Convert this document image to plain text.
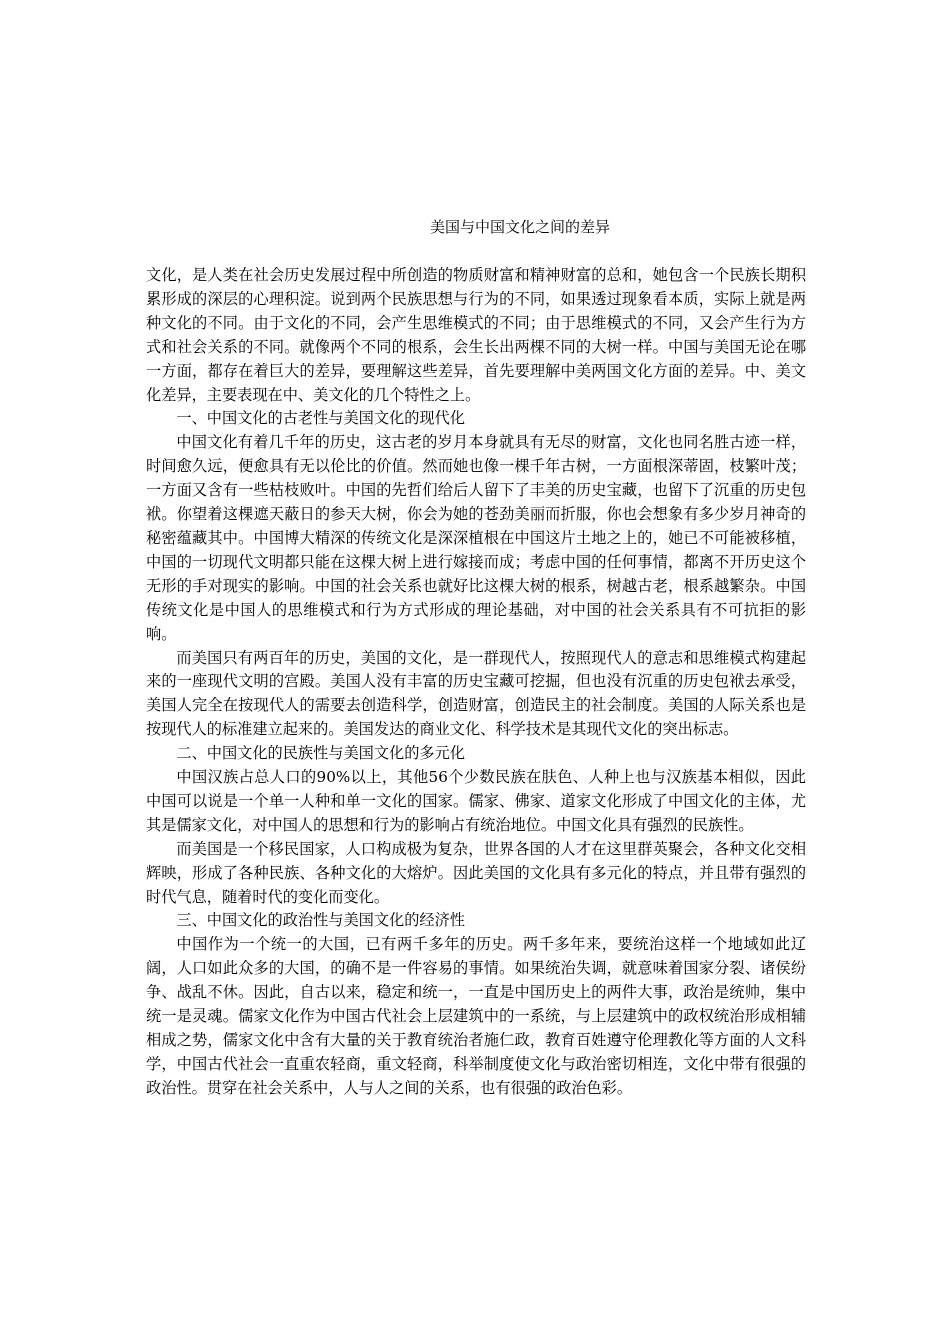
美国与中国文化之间的差异

文化，是人类在社会历史发展过程中所创造的物质财富和精神财富的总和，她包含一个民族长期积累形成的深层的心理积淀。说到两个民族思想与行为的不同，如果透过现象看本质，实际上就是两种文化的不同。由于文化的不同，会产生思维模式的不同；由于思维模式的不同，又会产生行为方式和社会关系的不同。就像两个不同的根系，会生长出两棵不同的大树一样。中国与美国无论在哪一方面，都存在着巨大的差异，要理解这些差异，首先要理解中美两国文化方面的差异。中、美文化差异，主要表现在中、美文化的几个特性之上。

一、中国文化的古老性与美国文化的现代化

中国文化有着几千年的历史，这古老的岁月本身就具有无尽的财富，文化也同名胜古迹一样，时间愈久远，便愈具有无以伦比的价值。然而她也像一棵千年古树，一方面根深蒂固，枝繁叶茂；一方面又含有一些枯枝败叶。中国的先哲们给后人留下了丰美的历史宝藏，也留下了沉重的历史包袱。你望着这棵遮天蔽日的参天大树，你会为她的苍劲美丽而折服，你也会想象有多少岁月神奇的秘密蕴藏其中。中国博大精深的传统文化是深深植根在中国这片土地之上的，她已不可能被移植，中国的一切现代文明都只能在这棵大树上进行嫁接而成；考虑中国的任何事情，都离不开历史这个无形的手对现实的影响。中国的社会关系也就好比这棵大树的根系，树越古老，根系越繁杂。中国传统文化是中国人的思维模式和行为方式形成的理论基础，对中国的社会关系具有不可抗拒的影响。

而美国只有两百年的历史，美国的文化，是一群现代人，按照现代人的意志和思维模式构建起来的一座现代文明的宫殿。美国人没有丰富的历史宝藏可挖掘，但也没有沉重的历史包袱去承受，美国人完全在按现代人的需要去创造科学，创造财富，创造民主的社会制度。美国的人际关系也是按现代人的标准建立起来的。美国发达的商业文化、科学技术是其现代文化的突出标志。

二、中国文化的民族性与美国文化的多元化

中国汉族占总人口的90%以上，其他56个少数民族在肤色、人种上也与汉族基本相似，因此中国可以说是一个单一人种和单一文化的国家。儒家、佛家、道家文化形成了中国文化的主体，尤其是儒家文化，对中国人的思想和行为的影响占有统治地位。中国文化具有强烈的民族性。

而美国是一个移民国家，人口构成极为复杂，世界各国的人才在这里群英聚会，各种文化交相辉映，形成了各种民族、各种文化的大熔炉。因此美国的文化具有多元化的特点，并且带有强烈的时代气息，随着时代的变化而变化。

三、中国文化的政治性与美国文化的经济性

中国作为一个统一的大国，已有两千多年的历史。两千多年来，要统治这样一个地域如此辽阔，人口如此众多的大国，的确不是一件容易的事情。如果统治失调，就意味着国家分裂、诸侯纷争、战乱不休。因此，自古以来，稳定和统一，一直是中国历史上的两件大事，政治是统帅，集中统一是灵魂。儒家文化作为中国古代社会上层建筑中的一系统，与上层建筑中的政权统治形成相辅相成之势，儒家文化中含有大量的关于教育统治者施仁政，教育百姓遵守伦理教化等方面的人文科学，中国古代社会一直重农轻商，重文轻商，科举制度使文化与政治密切相连，文化中带有很强的政治性。贯穿在社会关系中，人与人之间的关系，也有很强的政治色彩。
